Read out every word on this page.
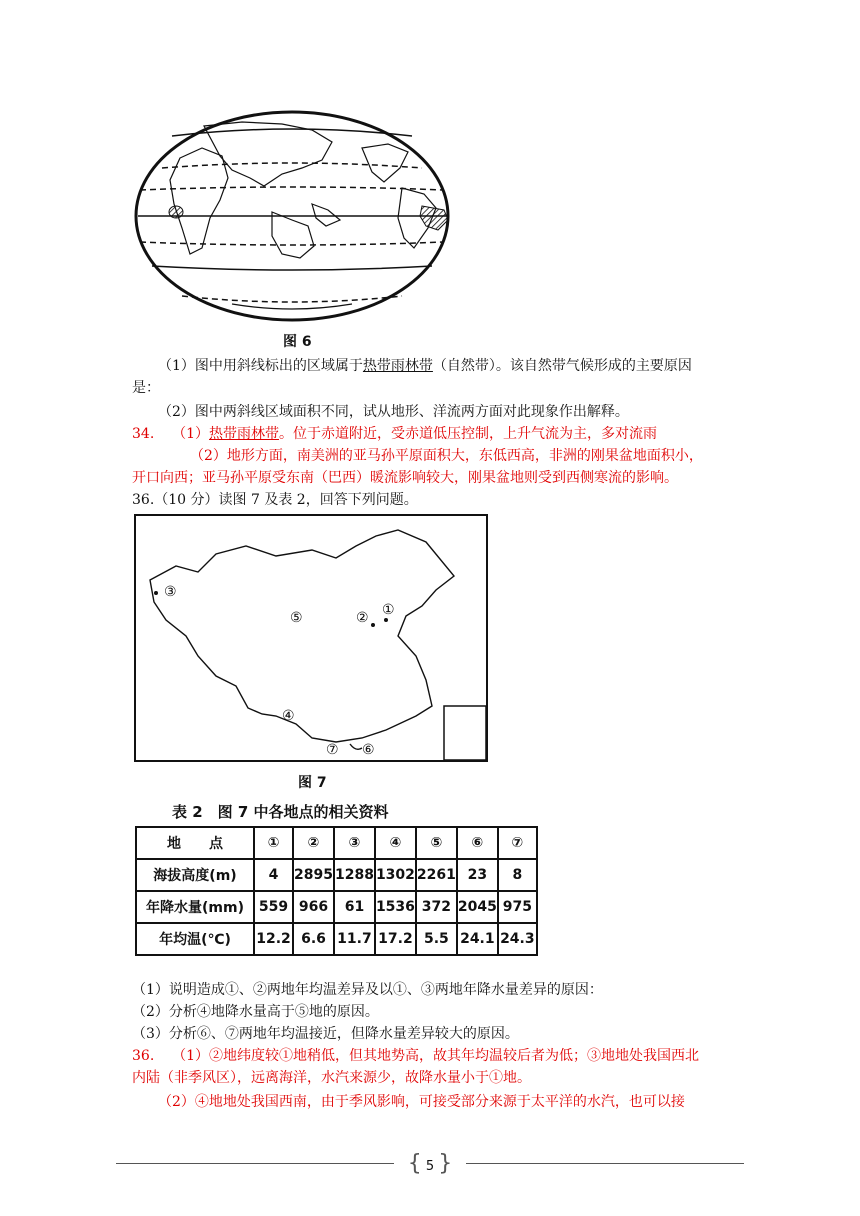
图 6
（1）图中用斜线标出的区域属于热带雨林带（自然带）。该自然带气候形成的主要原因
是：
（2）图中两斜线区域面积不同，试从地形、洋流两方面对此现象作出解释。
34. （1）热带雨林带。位于赤道附近，受赤道低压控制，上升气流为主，多对流雨
（2）地形方面，南美洲的亚马孙平原面积大，东低西高，非洲的刚果盆地面积小，
开口向西；亚马孙平原受东南（巴西）暖流影响较大，刚果盆地则受到西侧寒流的影响。
36.（10 分）读图 7 及表 2，回答下列问题。
③
⑤	② ①
④
⑦ ⑥
图 7
表 2　图 7 中各地点的相关资料
地　　点	①	②	③	④	⑤	⑥	⑦
海拔高度(m)	4	2895	1288	1302	2261	23	8
年降水量(mm)	559	966	61	1536	372	2045	975
年均温(℃)	12.2	6.6	11.7	17.2	5.5	24.1	24.3
（1）说明造成①、②两地年均温差异及以①、③两地年降水量差异的原因：
（2）分析④地降水量高于⑤地的原因。
（3）分析⑥、⑦两地年均温接近，但降水量差异较大的原因。
36. （1）②地纬度较①地稍低，但其地势高，故其年均温较后者为低；③地地处我国西北
内陆（非季风区），远离海洋，水汽来源少，故降水量小于①地。
（2）④地地处我国西南，由于季风影响，可接受部分来源于太平洋的水汽，也可以接
{ 5 }
